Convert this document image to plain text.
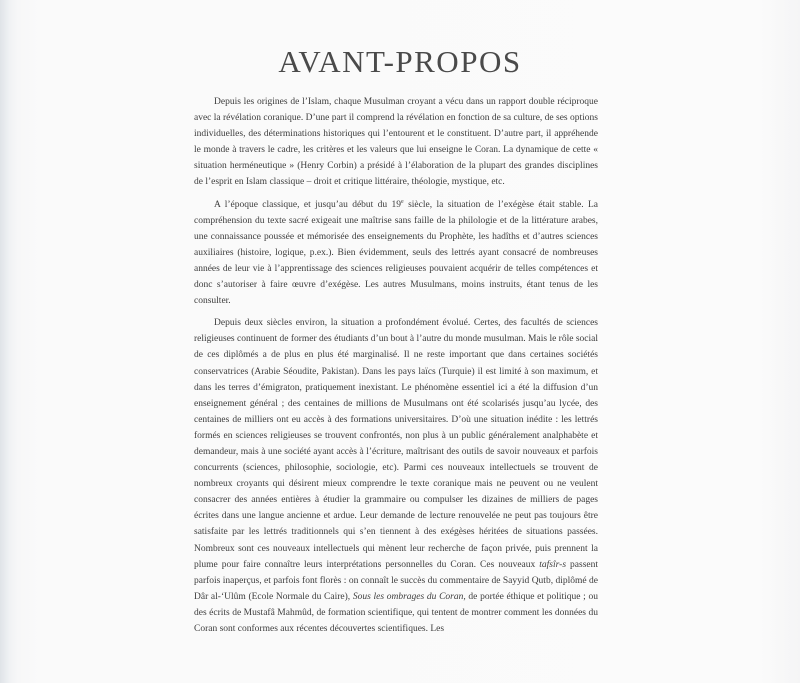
AVANT-PROPOS

Depuis les origines de l’Islam, chaque Musulman croyant a vécu dans un rapport double réciproque avec la révélation coranique. D’une part il comprend la révélation en fonction de sa culture, de ses options individuelles, des déterminations historiques qui l’entourent et le constituent. D’autre part, il appréhende le monde à travers le cadre, les critères et les valeurs que lui enseigne le Coran. La dynamique de cette « situation herméneutique » (Henry Corbin) a présidé à l’élaboration de la plupart des grandes disciplines de l’esprit en Islam classique – droit et critique littéraire, théologie, mystique, etc.

A l’époque classique, et jusqu’au début du 19e siècle, la situation de l’exégèse était stable. La compréhension du texte sacré exigeait une maîtrise sans faille de la philologie et de la littérature arabes, une connaissance poussée et mémorisée des enseignements du Prophète, les hadîths et d’autres sciences auxiliaires (histoire, logique, p.ex.). Bien évidemment, seuls des lettrés ayant consacré de nombreuses années de leur vie à l’apprentissage des sciences religieuses pouvaient acquérir de telles compétences et donc s’autoriser à faire œuvre d’exégèse. Les autres Musulmans, moins instruits, étant tenus de les consulter.

Depuis deux siècles environ, la situation a profondément évolué. Certes, des facultés de sciences religieuses continuent de former des étudiants d’un bout à l’autre du monde musulman. Mais le rôle social de ces diplômés a de plus en plus été marginalisé. Il ne reste important que dans certaines sociétés conservatrices (Arabie Séoudite, Pakistan). Dans les pays laïcs (Turquie) il est limité à son maximum, et dans les terres d’émigraton, pratiquement inexistant. Le phénomène essentiel ici a été la diffusion d’un enseignement général ; des centaines de millions de Musulmans ont été scolarisés jusqu’au lycée, des centaines de milliers ont eu accès à des formations universitaires. D’où une situation inédite : les lettrés formés en sciences religieuses se trouvent confrontés, non plus à un public généralement analphabète et demandeur, mais à une société ayant accès à l’écriture, maîtrisant des outils de savoir nouveaux et parfois concurrents (sciences, philosophie, sociologie, etc). Parmi ces nouveaux intellectuels se trouvent de nombreux croyants qui désirent mieux comprendre le texte coranique mais ne peuvent ou ne veulent consacrer des années entières à étudier la grammaire ou compulser les dizaines de milliers de pages écrites dans une langue ancienne et ardue. Leur demande de lecture renouvelée ne peut pas toujours être satisfaite par les lettrés traditionnels qui s’en tiennent à des exégèses héritées de situations passées. Nombreux sont ces nouveaux intellectuels qui mènent leur recherche de façon privée, puis prennent la plume pour faire connaître leurs interprétations personnelles du Coran. Ces nouveaux tafsîr-s passent parfois inaperçus, et parfois font florès : on connaît le succès du commentaire de Sayyid Qutb, diplômé de Dâr al-‘Ulûm (Ecole Normale du Caire), Sous les ombrages du Coran, de portée éthique et politique ; ou des écrits de Mustafâ Mahmûd, de formation scientifique, qui tentent de montrer comment les données du Coran sont conformes aux récentes découvertes scientifiques. Les
